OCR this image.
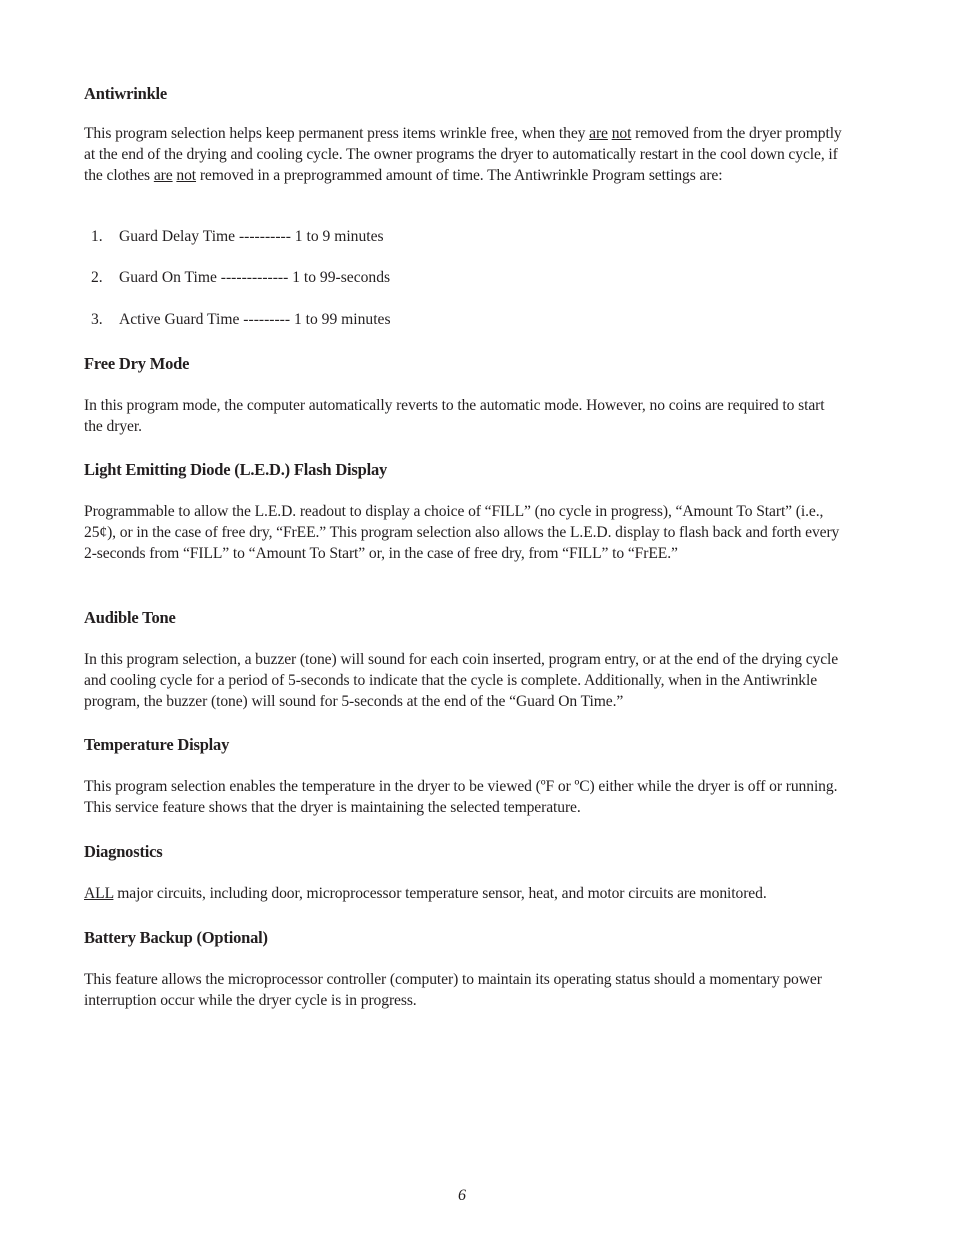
Antiwrinkle

This program selection helps keep permanent press items wrinkle free, when they are not removed from the dryer promptly at the end of the drying and cooling cycle. The owner programs the dryer to automatically restart in the cool down cycle, if the clothes are not removed in a preprogrammed amount of time. The Antiwrinkle Program settings are:

1. Guard Delay Time ---------- 1 to 9 minutes

2. Guard On Time ------------- 1 to 99-seconds

3. Active Guard Time --------- 1 to 99 minutes

Free Dry Mode

In this program mode, the computer automatically reverts to the automatic mode. However, no coins are required to start the dryer.

Light Emitting Diode (L.E.D.) Flash Display

Programmable to allow the L.E.D. readout to display a choice of “FILL” (no cycle in progress), “Amount To Start” (i.e., 25¢), or in the case of free dry, “FrEE.” This program selection also allows the L.E.D. display to flash back and forth every 2-seconds from “FILL” to “Amount To Start” or, in the case of free dry, from “FILL” to “FrEE.”

Audible Tone

In this program selection, a buzzer (tone) will sound for each coin inserted, program entry, or at the end of the drying cycle and cooling cycle for a period of 5-seconds to indicate that the cycle is complete. Additionally, when in the Antiwrinkle program, the buzzer (tone) will sound for 5-seconds at the end of the “Guard On Time.”

Temperature Display

This program selection enables the temperature in the dryer to be viewed (ºF or ºC) either while the dryer is off or running. This service feature shows that the dryer is maintaining the selected temperature.

Diagnostics

ALL major circuits, including door, microprocessor temperature sensor, heat, and motor circuits are monitored.

Battery Backup (Optional)

This feature allows the microprocessor controller (computer) to maintain its operating status should a momentary power interruption occur while the dryer cycle is in progress.

6
